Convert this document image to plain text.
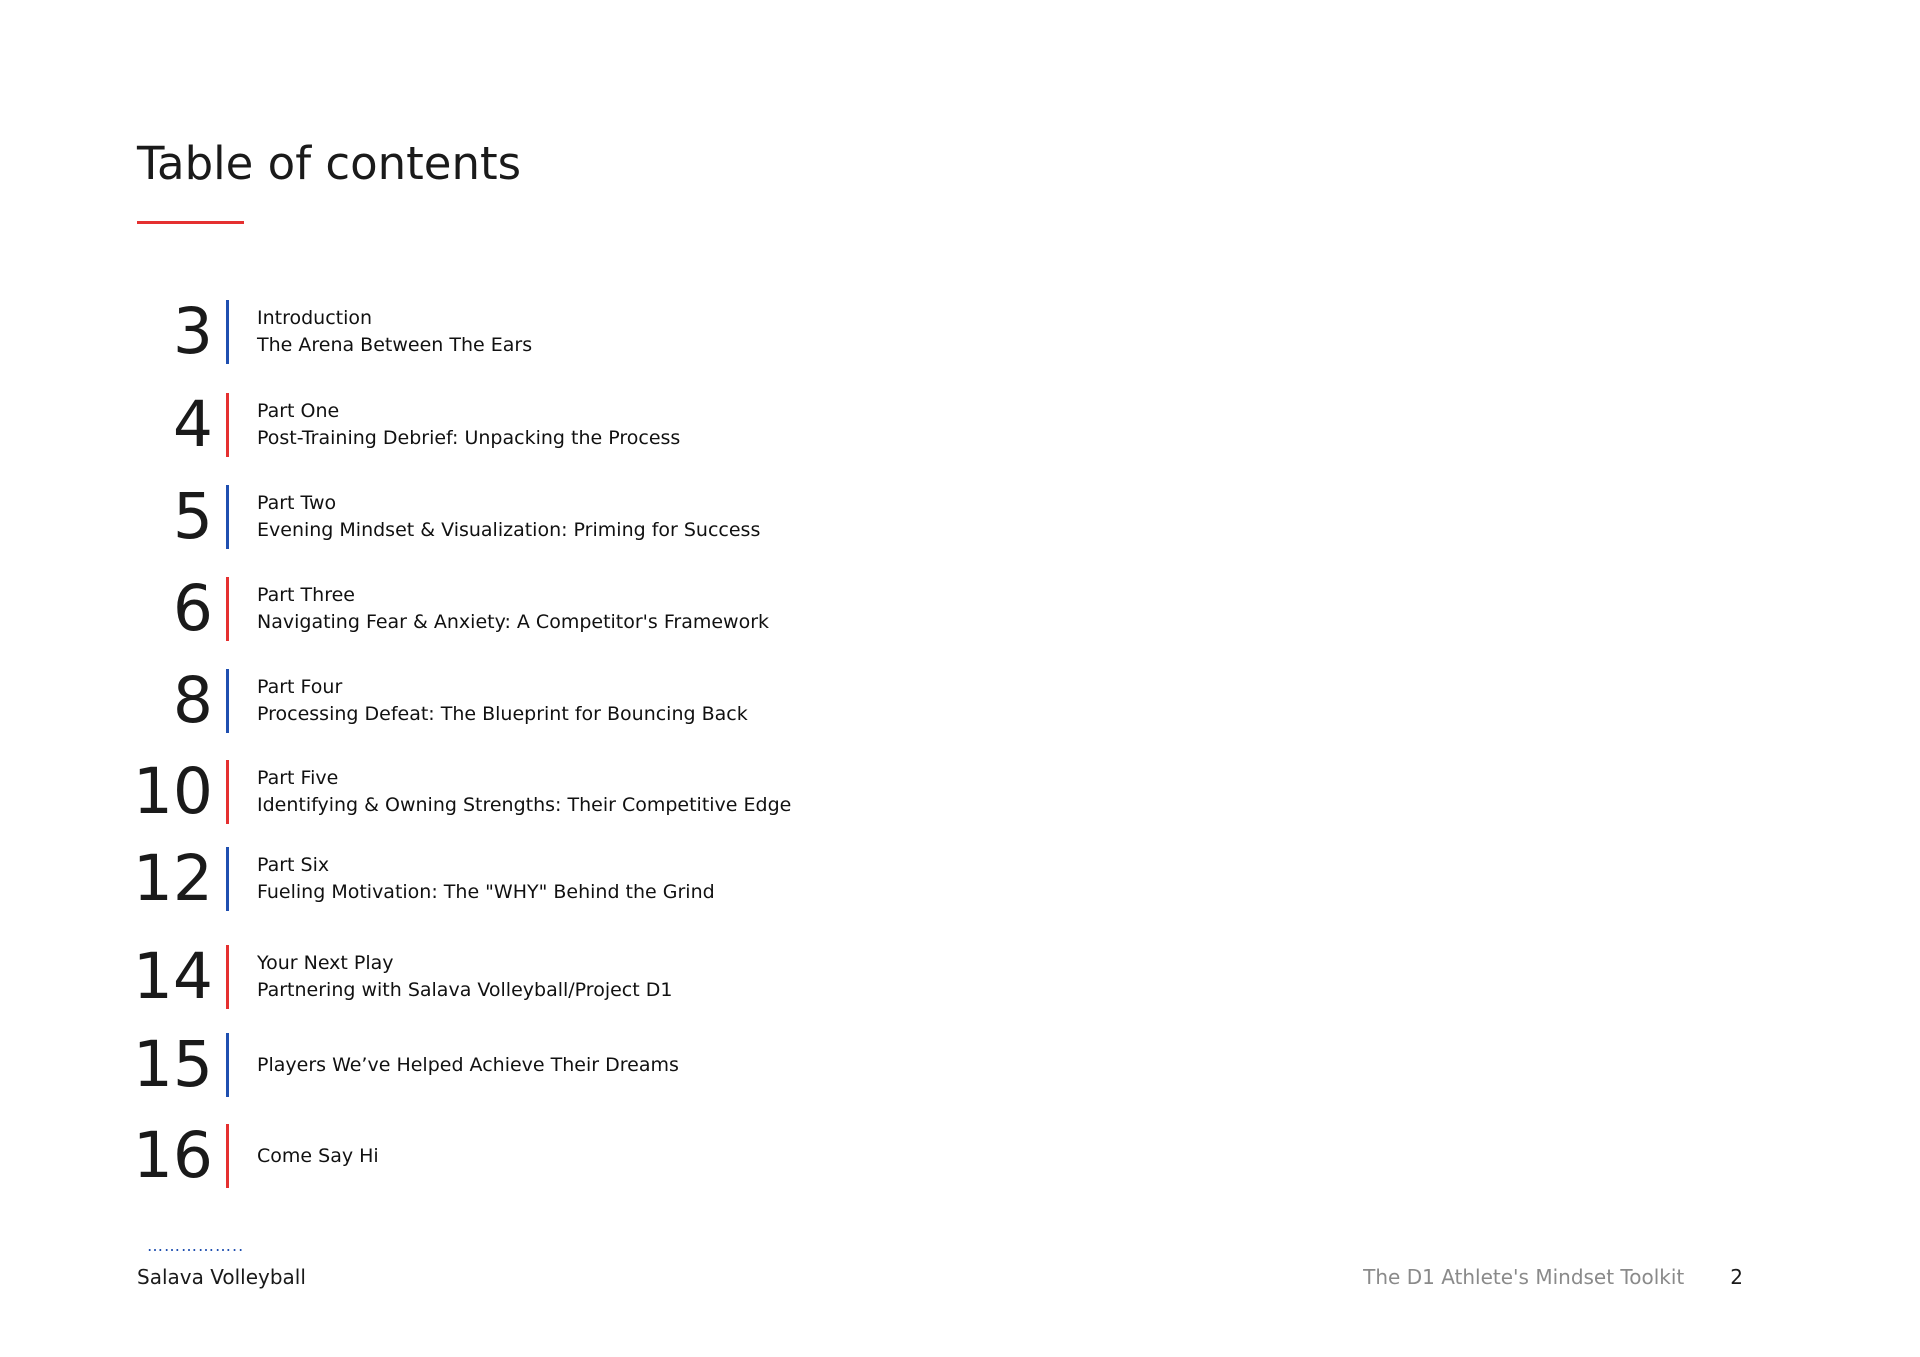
Table of contents
3 Introduction
The Arena Between The Ears
4 Part One
Post-Training Debrief: Unpacking the Process
5 Part Two
Evening Mindset & Visualization: Priming for Success
6 Part Three
Navigating Fear & Anxiety: A Competitor's Framework
8 Part Four
Processing Defeat: The Blueprint for Bouncing Back
10 Part Five
Identifying & Owning Strengths: Their Competitive Edge
12 Part Six
Fueling Motivation: The "WHY" Behind the Grind
14 Your Next Play
Partnering with Salava Volleyball/Project D1
15 Players We’ve Helped Achieve Their Dreams
16 Come Say Hi
……………..
Salava Volleyball	The D1 Athlete's Mindset Toolkit 2
